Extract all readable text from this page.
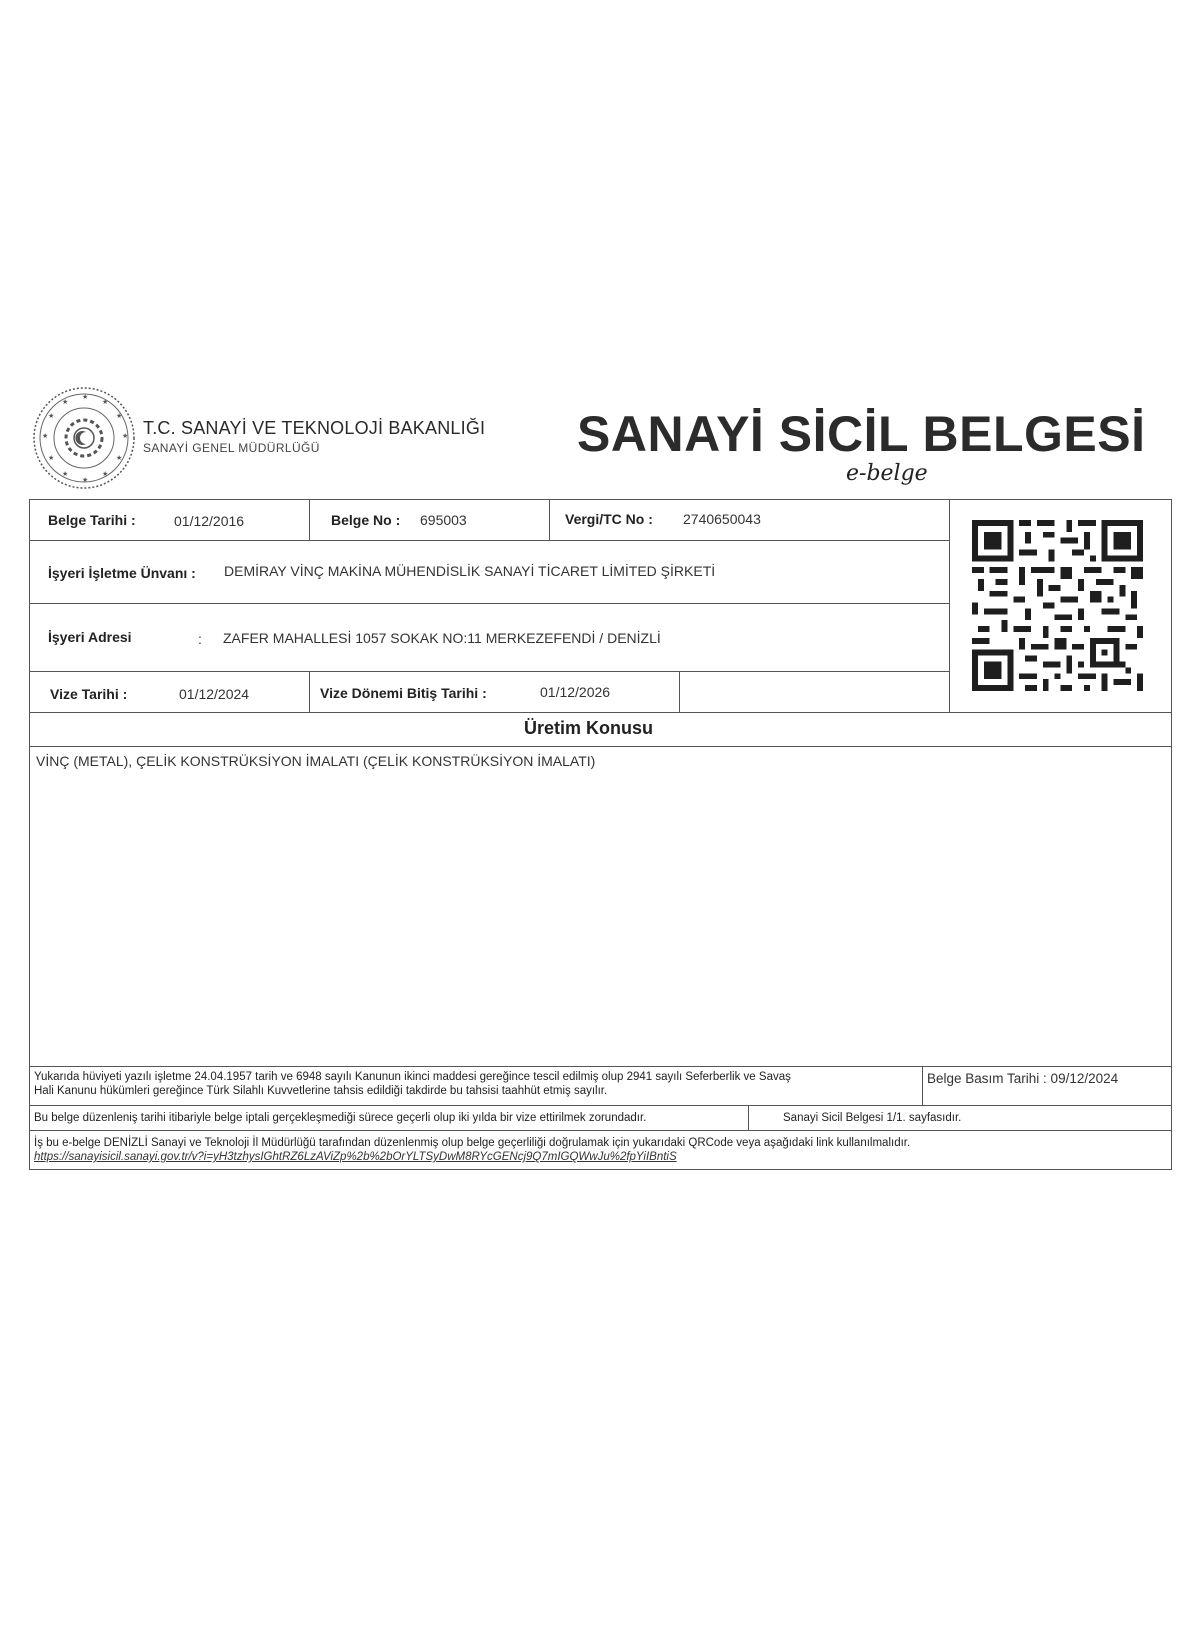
★
★	★
★	★
★	★
★	★
★	★
★
T.C. SANAYİ VE TEKNOLOJİ BAKANLIĞI
SANAYİ GENEL MÜDÜRLÜĞÜ	SANAYİ SİCİL BELGESİ
e-belge
Belge Tarihi :	01/12/2016	Belge No : 695003	Vergi/TC No : 2740650043
İşyeri İşletme Ünvanı : DEMİRAY VİNÇ MAKİNA MÜHENDİSLİK SANAYİ TİCARET LİMİTED ŞİRKETİ
İşyeri Adresi	: ZAFER MAHALLESİ 1057 SOKAK NO:11 MERKEZEFENDİ / DENİZLİ
Vize Tarihi :	01/12/2024	Vize Dönemi Bitiş Tarihi :	01/12/2026
Üretim Konusu
VİNÇ (METAL), ÇELİK KONSTRÜKSİYON İMALATI (ÇELİK KONSTRÜKSİYON İMALATI)
Yukarıda hüviyeti yazılı işletme 24.04.1957 tarih ve 6948 sayılı Kanunun ikinci maddesi gereğince tescil edilmiş olup 2941 sayılı Seferberlik ve Savaş
Hali Kanunu hükümleri gereğince Türk Silahlı Kuvvetlerine tahsis edildiği takdirde bu tahsisi taahhüt etmiş sayılır.
Belge Basım Tarihi : 09/12/2024
Bu belge düzenleniş tarihi itibariyle belge iptali gerçekleşmediği sürece geçerli olup iki yılda bir vize ettirilmek zorundadır.	Sanayi Sicil Belgesi 1/1. sayfasıdır.
İş bu e-belge DENİZLİ Sanayi ve Teknoloji İl Müdürlüğü tarafından düzenlenmiş olup belge geçerliliği doğrulamak için yukarıdaki QRCode veya aşağıdaki link kullanılmalıdır.
https://sanayisicil.sanayi.gov.tr/v?i=yH3tzhysIGhtRZ6LzAViZp%2b%2bOrYLTSyDwM8RYcGENcj9Q7mIGQWwJu%2fpYiIBntiS
